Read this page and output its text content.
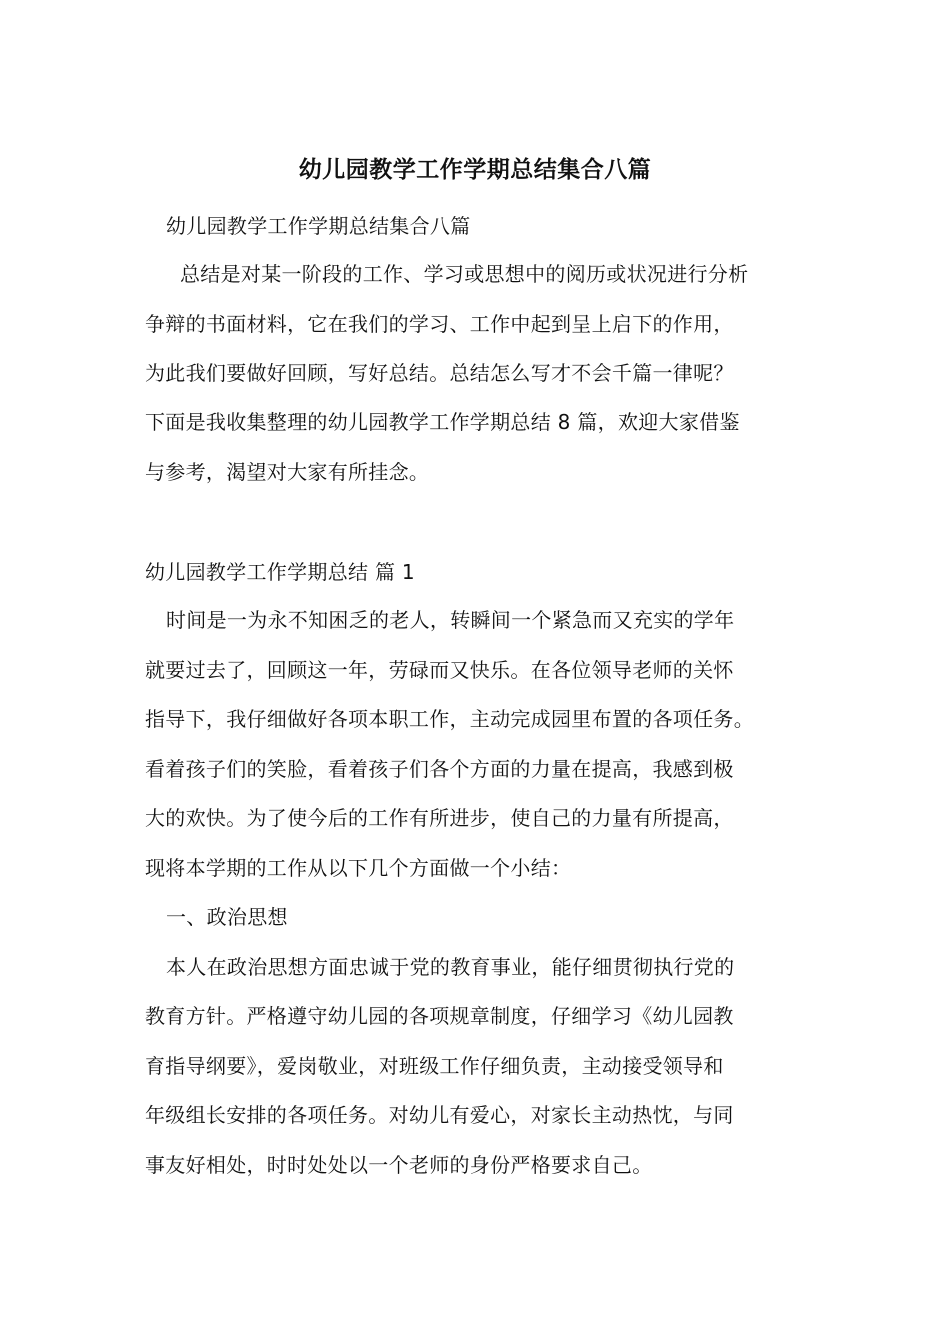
幼儿园教学工作学期总结集合八篇
幼儿园教学工作学期总结集合八篇
总结是对某一阶段的工作、学习或思想中的阅历或状况进行分析
争辩的书面材料，它在我们的学习、工作中起到呈上启下的作用，
为此我们要做好回顾，写好总结。总结怎么写才不会千篇一律呢？
下面是我收集整理的幼儿园教学工作学期总结 8 篇，欢迎大家借鉴
与参考，渴望对大家有所挂念。
幼儿园教学工作学期总结 篇 1
时间是一为永不知困乏的老人，转瞬间一个紧急而又充实的学年
就要过去了，回顾这一年，劳碌而又快乐。在各位领导老师的关怀
指导下，我仔细做好各项本职工作，主动完成园里布置的各项任务。
看着孩子们的笑脸，看着孩子们各个方面的力量在提高，我感到极
大的欢快。为了使今后的工作有所进步，使自己的力量有所提高，
现将本学期的工作从以下几个方面做一个小结：
一、政治思想
本人在政治思想方面忠诚于党的教育事业，能仔细贯彻执行党的
教育方针。严格遵守幼儿园的各项规章制度，仔细学习《幼儿园教
育指导纲要》，爱岗敬业，对班级工作仔细负责，主动接受领导和
年级组长安排的各项任务。对幼儿有爱心，对家长主动热忱，与同
事友好相处，时时处处以一个老师的身份严格要求自己。
